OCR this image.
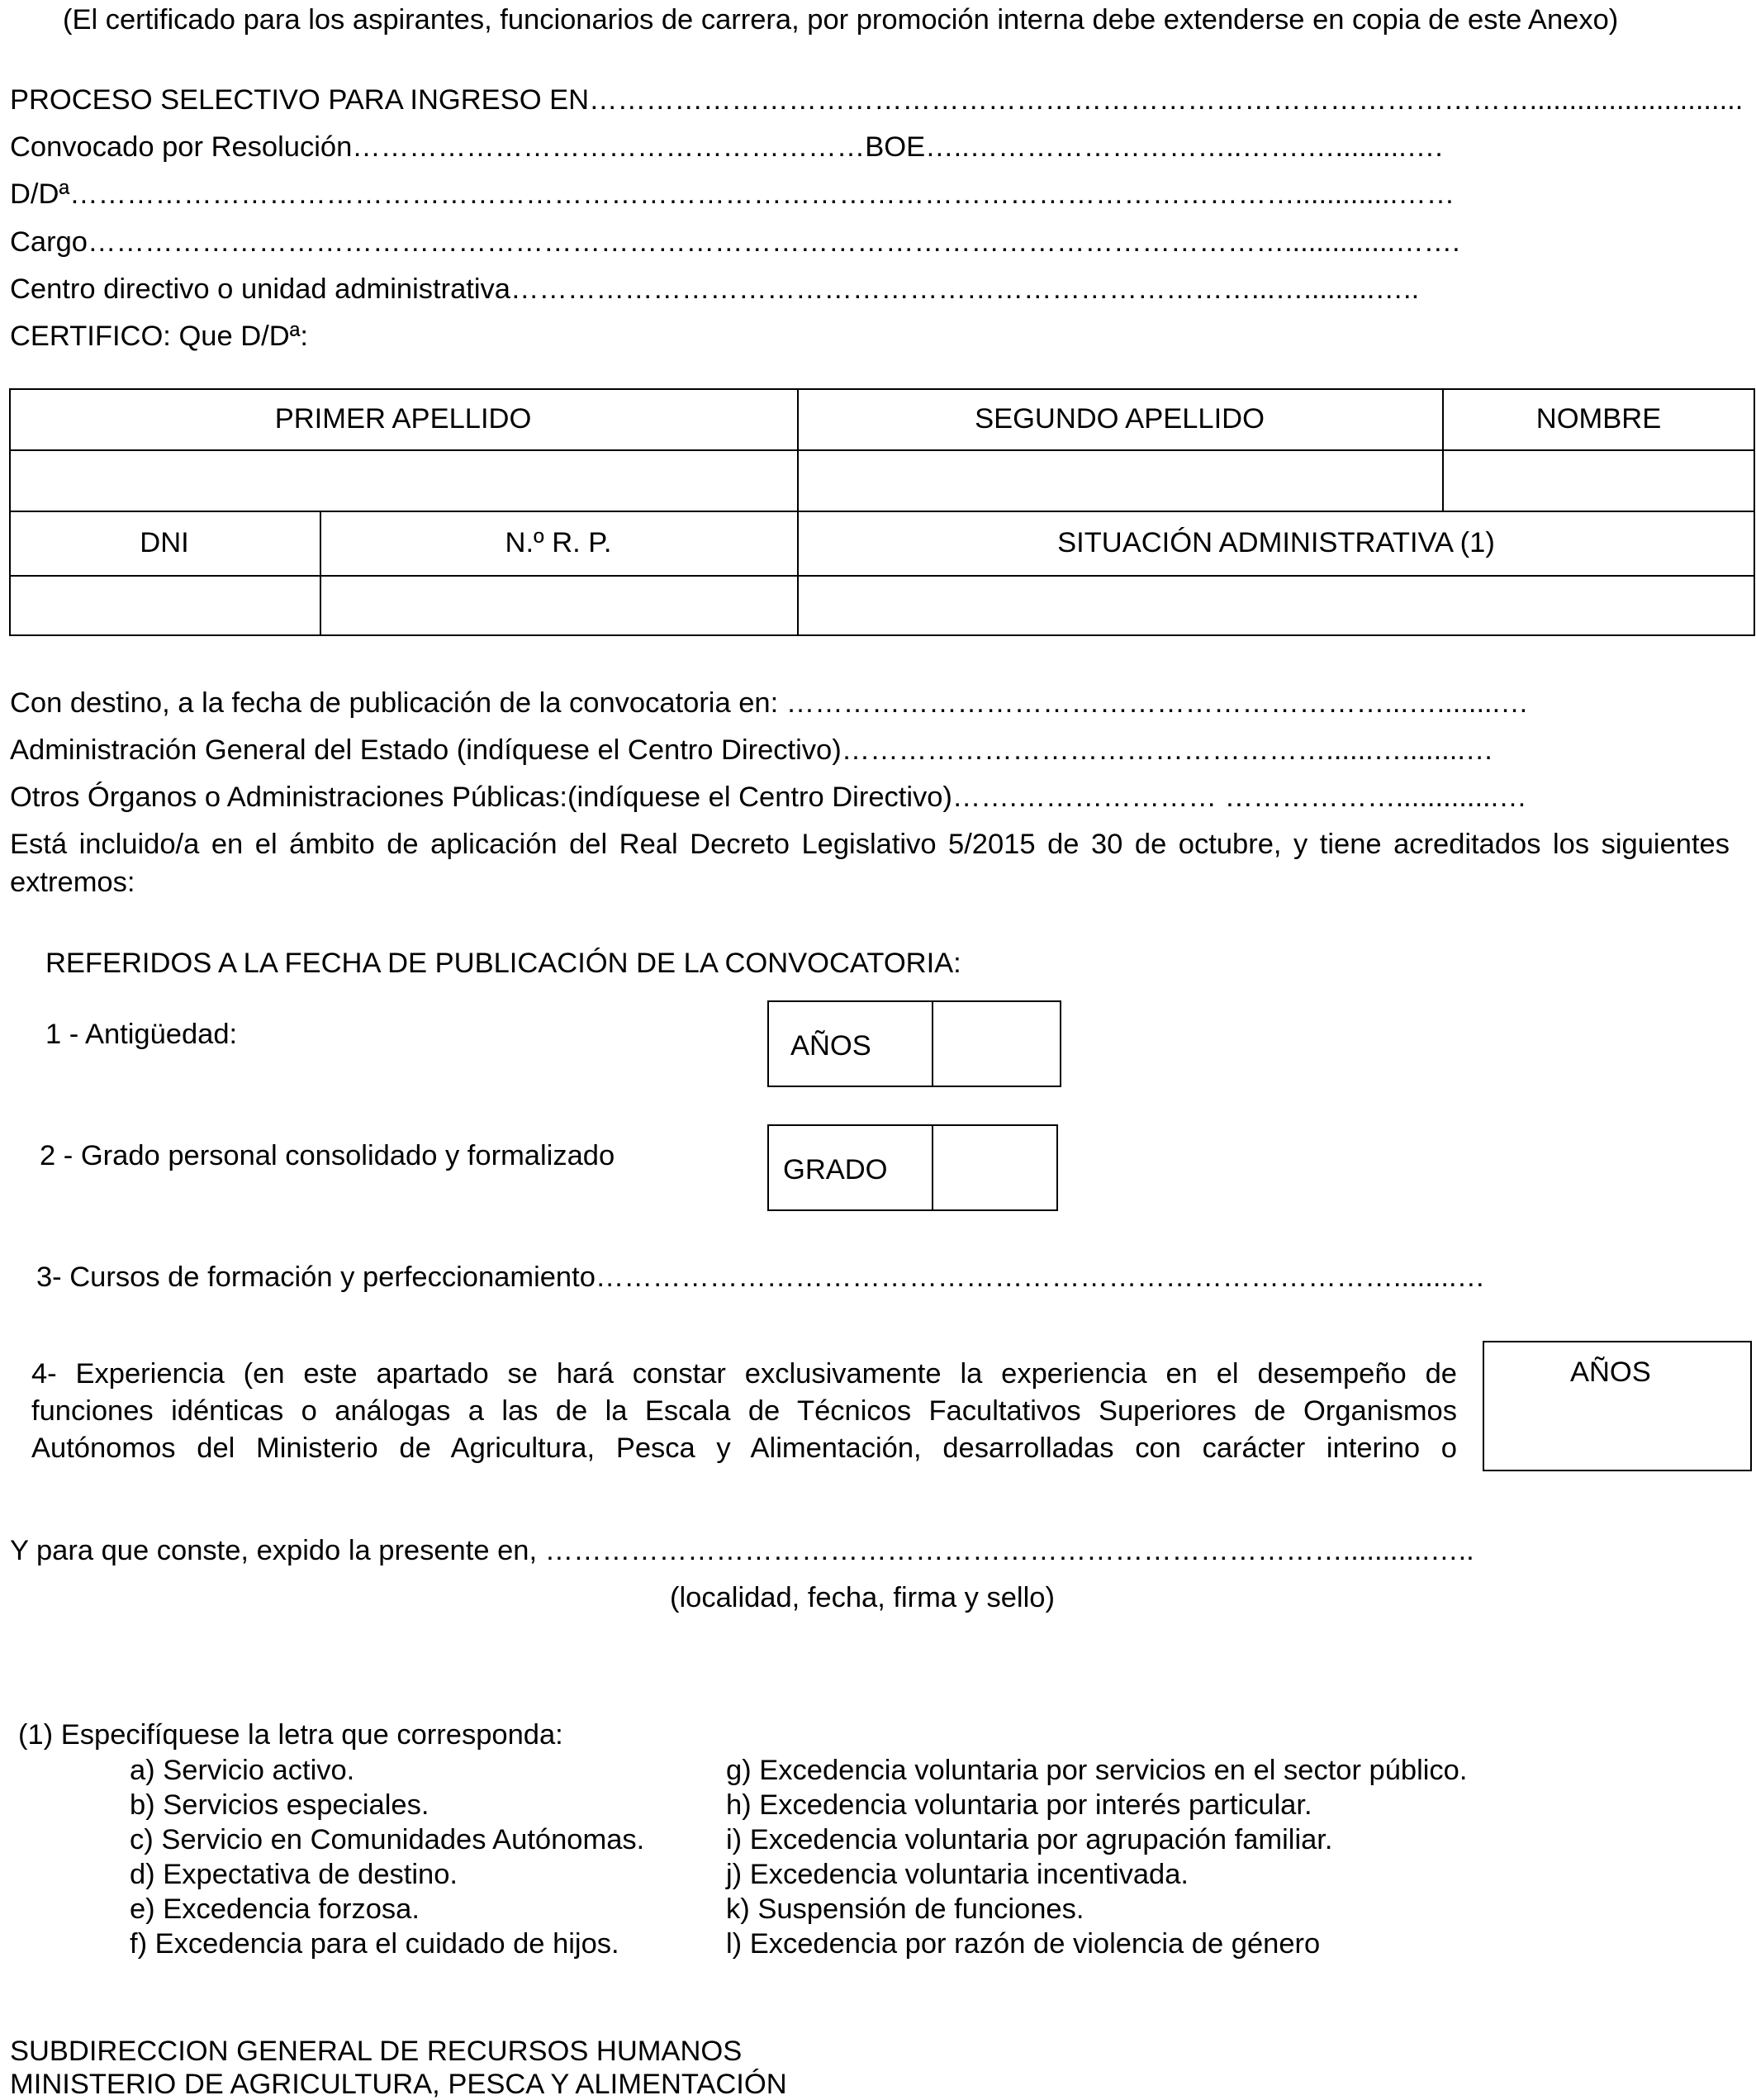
(El certificado para los aspirantes, funcionarios de carrera, por promoción interna debe extenderse en copia de este Anexo)
PROCESO SELECTIVO PARA INGRESO EN………………………………………………………………………………………...........................
Convocado por Resolución………………………………………………BOE…..………………………..…….….........….
D/Dª………………………………………………………………………………………………………………….............……
Cargo………………………………………………………………………………………………………………..............…….
Centro directivo o unidad administrativa……………………………………………………………………...….........…..
CERTIFICO: Que D/Dª:
PRIMER APELLIDO	SEGUNDO APELLIDO	NOMBRE
DNI	N.º R. P.	SITUACIÓN ADMINISTRATIVA (1)
Con destino, a la fecha de publicación de la convocatoria en: ………………………………………………………...…........…
Administración General del Estado (indíquese el Centro Directivo)……………………………………………......…........…
Otros Órganos o Administraciones Públicas:(indíquese el Centro Directivo)…….………………… ……………….............…
Está incluido/a en el ámbito de aplicación del Real Decreto Legislativo 5/2015 de 30 de octubre, y tiene acreditados los siguientes
extremos:
REFERIDOS A LA FECHA DE PUBLICACIÓN DE LA CONVOCATORIA:
1 - Antigüedad:	AÑOS
2 - Grado personal consolidado y formalizado	GRADO
3- Cursos de formación y perfeccionamiento…………………………………………………………………………........…
4- Experiencia (en este apartado se hará constar exclusivamente la experiencia en el desempeño de
funciones idénticas o análogas a las de la Escala de Técnicos Facultativos Superiores de Organismos
Autónomos del Ministerio de Agricultura, Pesca y Alimentación, desarrolladas con carácter interino o
AÑOS
Y para que conste, expido la presente en, …………………………………………………………………………...........…..
(localidad, fecha, firma y sello)
(1) Especifíquese la letra que corresponda:
a) Servicio activo.
b) Servicios especiales.
c) Servicio en Comunidades Autónomas.
d) Expectativa de destino.
e) Excedencia forzosa.
f) Excedencia para el cuidado de hijos.
g) Excedencia voluntaria por servicios en el sector público.
h) Excedencia voluntaria por interés particular.
i) Excedencia voluntaria por agrupación familiar.
j) Excedencia voluntaria incentivada.
k) Suspensión de funciones.
l) Excedencia por razón de violencia de género
SUBDIRECCION GENERAL DE RECURSOS HUMANOS
MINISTERIO DE AGRICULTURA, PESCA Y ALIMENTACIÓN
